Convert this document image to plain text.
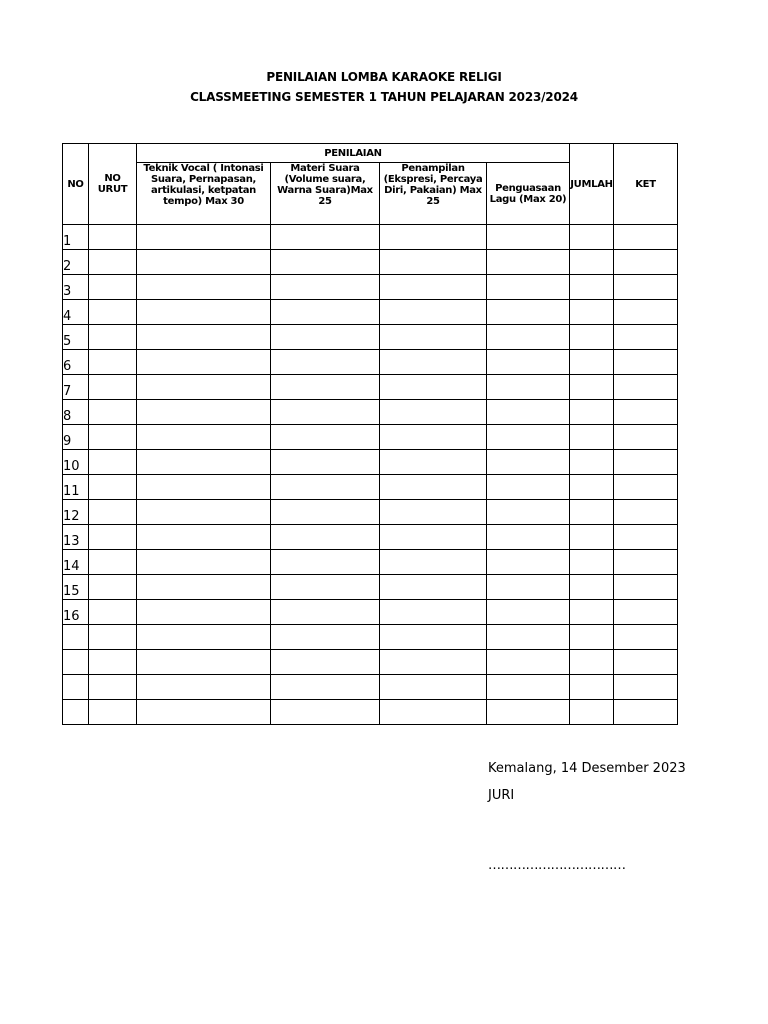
PENILAIAN LOMBA KARAOKE RELIGI
CLASSMEETING SEMESTER 1 TAHUN PELAJARAN 2023/2024
NO	NO URUT	PENILAIAN				JUMLAH	KET
		Teknik Vocal ( Intonasi Suara, Pernapasan, artikulasi, ketpatan tempo) Max 30	Materi Suara (Volume suara, Warna Suara)Max 25	Penampilan (Ekspresi, Percaya Diri, Pakaian) Max 25	Penguasaan Lagu (Max 20)		
1							
2							
3							
4							
5							
6							
7							
8							
9							
10							
11							
12							
13							
14							
15							
16							

Kemalang, 14 Desember 2023
JURI
……………………………
